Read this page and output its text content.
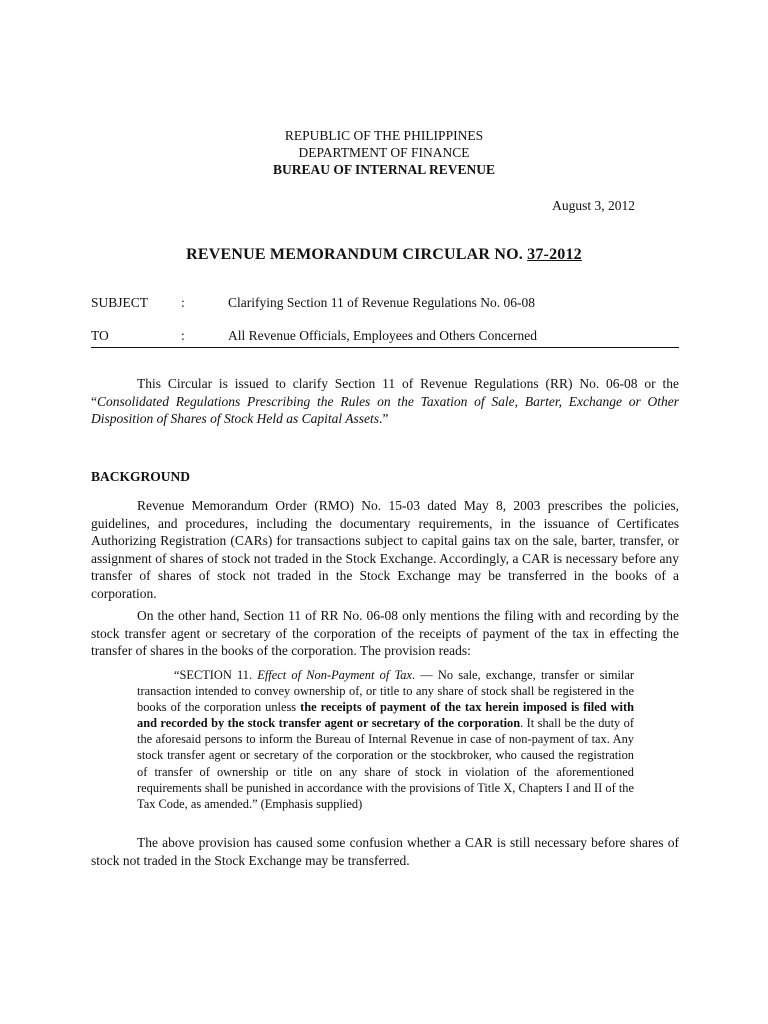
REPUBLIC OF THE PHILIPPINES
DEPARTMENT OF FINANCE
BUREAU OF INTERNAL REVENUE
August 3, 2012
REVENUE MEMORANDUM CIRCULAR NO. 37-2012
SUBJECT	:	Clarifying Section 11 of Revenue Regulations No. 06-08
TO	:	All Revenue Officials, Employees and Others Concerned
This Circular is issued to clarify Section 11 of Revenue Regulations (RR) No. 06-08 or the “Consolidated Regulations Prescribing the Rules on the Taxation of Sale, Barter, Exchange or Other Disposition of Shares of Stock Held as Capital Assets.”
BACKGROUND
Revenue Memorandum Order (RMO) No. 15-03 dated May 8, 2003 prescribes the policies, guidelines, and procedures, including the documentary requirements, in the issuance of Certificates Authorizing Registration (CARs) for transactions subject to capital gains tax on the sale, barter, transfer, or assignment of shares of stock not traded in the Stock Exchange. Accordingly, a CAR is necessary before any transfer of shares of stock not traded in the Stock Exchange may be transferred in the books of a corporation.
On the other hand, Section 11 of RR No. 06-08 only mentions the filing with and recording by the stock transfer agent or secretary of the corporation of the receipts of payment of the tax in effecting the transfer of shares in the books of the corporation. The provision reads:
“SECTION 11. Effect of Non-Payment of Tax. — No sale, exchange, transfer or similar transaction intended to convey ownership of, or title to any share of stock shall be registered in the books of the corporation unless the receipts of payment of the tax herein imposed is filed with and recorded by the stock transfer agent or secretary of the corporation. It shall be the duty of the aforesaid persons to inform the Bureau of Internal Revenue in case of non-payment of tax. Any stock transfer agent or secretary of the corporation or the stockbroker, who caused the registration of transfer of ownership or title on any share of stock in violation of the aforementioned requirements shall be punished in accordance with the provisions of Title X, Chapters I and II of the Tax Code, as amended.” (Emphasis supplied)
The above provision has caused some confusion whether a CAR is still necessary before shares of stock not traded in the Stock Exchange may be transferred.
